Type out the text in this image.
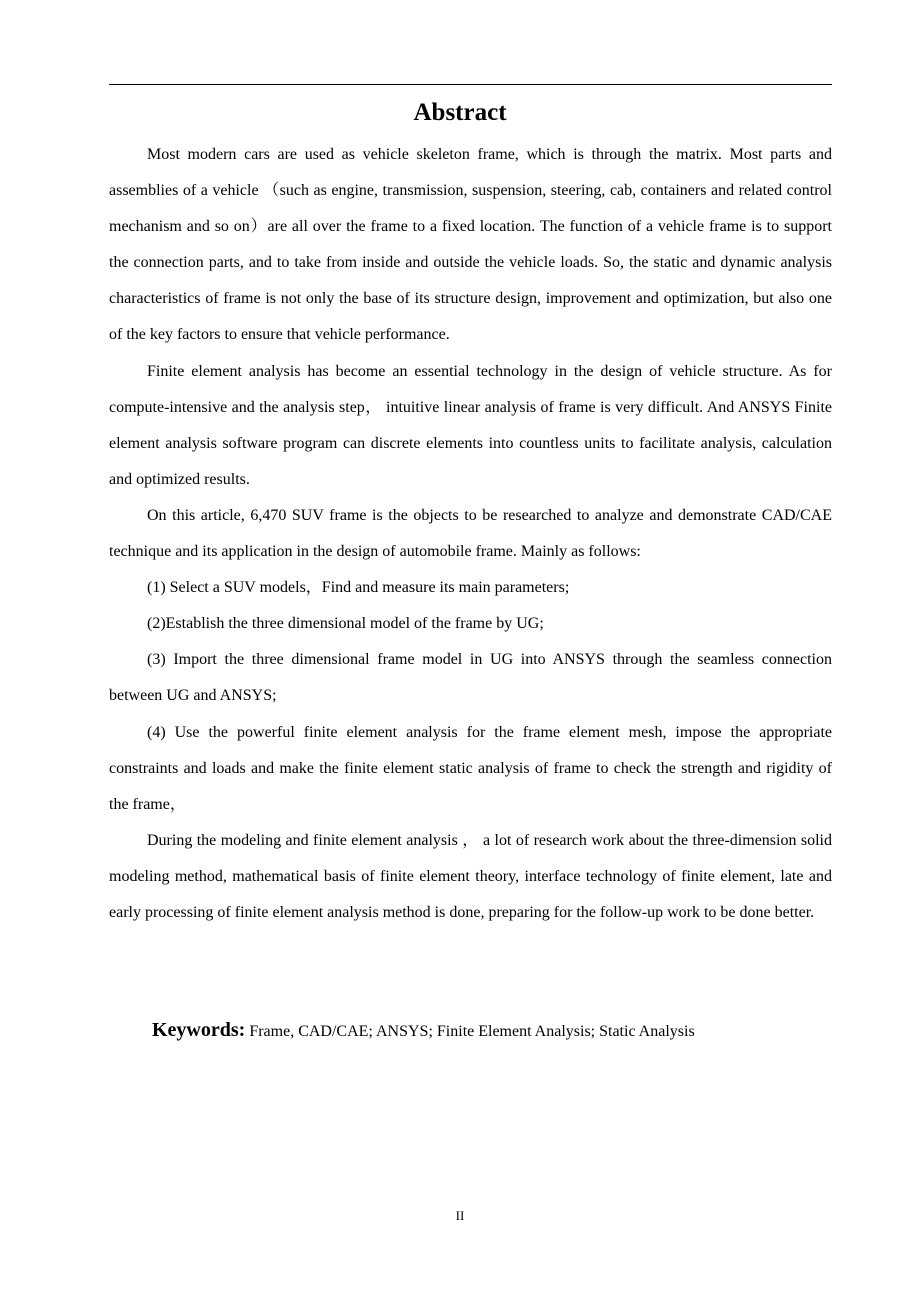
Abstract

Most modern cars are used as vehicle skeleton frame, which is through the matrix. Most parts and assemblies of a vehicle （such as engine, transmission, suspension, steering, cab, containers and related control mechanism and so on）are all over the frame to a fixed location. The function of a vehicle frame is to support the connection parts, and to take from inside and outside the vehicle loads. So, the static and dynamic analysis characteristics of frame is not only the base of its structure design, improvement and optimization, but also one of the key factors to ensure that vehicle performance.

Finite element analysis has become an essential technology in the design of vehicle structure. As for compute-intensive and the analysis step， intuitive linear analysis of frame is very difficult. And ANSYS Finite element analysis software program can discrete elements into countless units to facilitate analysis, calculation and optimized results.

On this article, 6,470 SUV frame is the objects to be researched to analyze and demonstrate CAD/CAE technique and its application in the design of automobile frame. Mainly as follows:

(1) Select a SUV models，Find and measure its main parameters;

(2)Establish the three dimensional model of the frame by UG;

(3) Import the three dimensional frame model in UG into ANSYS through the seamless connection between UG and ANSYS;

(4) Use the powerful finite element analysis for the frame element mesh, impose the appropriate constraints and loads and make the finite element static analysis of frame to check the strength and rigidity of the frame，

During the modeling and finite element analysis ， a lot of research work about the three-dimension solid modeling method, mathematical basis of finite element theory, interface technology of finite element, late and early processing of finite element analysis method is done, preparing for the follow-up work to be done better.

Keywords: Frame, CAD/CAE; ANSYS; Finite Element Analysis; Static Analysis
II
